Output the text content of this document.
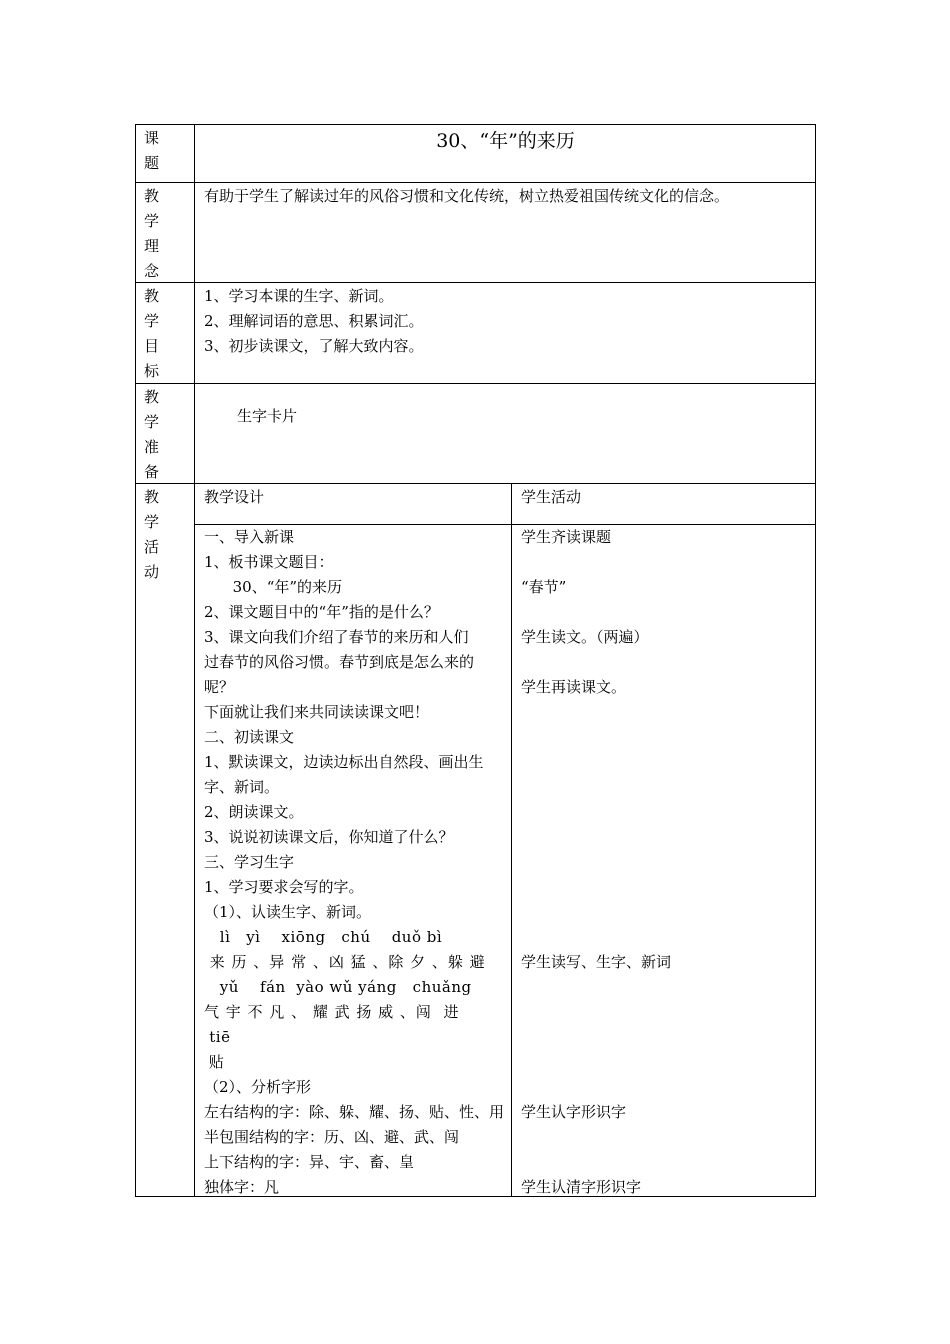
课
题
30、“年”的来历
教
学
理
念
有助于学生了解读过年的风俗习惯和文化传统，树立热爱祖国传统文化的信念。
教
学
目
标
1、学习本课的生字、新词。
2、理解词语的意思、积累词汇。
3、初步读课文，了解大致内容。
教
学
准
备
生字卡片
教
学
活
动
教学设计	学生活动
一、导入新课
1、板书课文题目：
30、“年”的来历
2、课文题目中的“年”指的是什么？
3、课文向我们介绍了春节的来历和人们
过春节的风俗习惯。春节到底是怎么来的
呢？
下面就让我们来共同读读课文吧！
二、初读课文
1、默读课文，边读边标出自然段、画出生
字、新词。
2、朗读课文。
3、说说初读课文后，你知道了什么？
三、学习生字
1、学习要求会写的字。
（1）、认读生字、新词。
lì   yì    xiōng   chú    duǒ bì
来 历 、异 常 、凶 猛 、除 夕 、躲 避
yǔ    fán  yào wǔ yáng   chuǎng
气 宇 不 凡 、 耀 武 扬 威 、闯  进
tiē
贴
（2）、分析字形
左右结构的字：除、躲、耀、扬、贴、性、用
半包围结构的字：历、凶、避、武、闯
上下结构的字：异、宇、畜、皇
独体字：凡
学生齐读课题
“春节”
学生读文。（两遍）
学生再读课文。
学生读写、生字、新词
学生认字形识字
学生认清字形识字
